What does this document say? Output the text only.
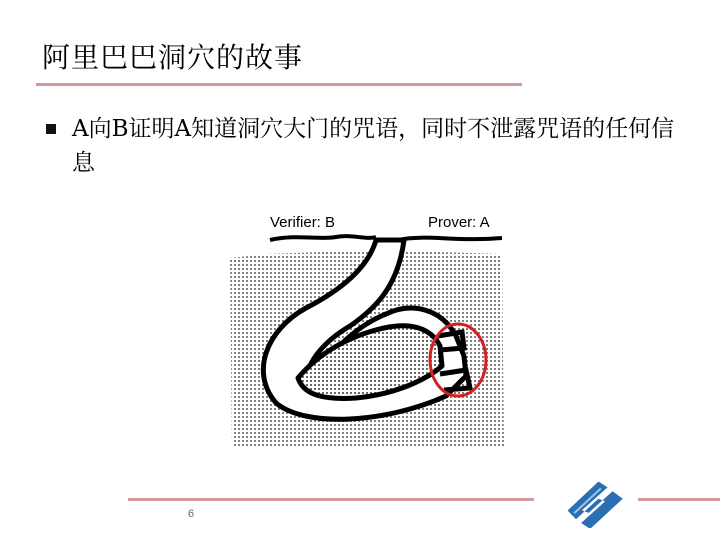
阿里巴巴洞穴的故事
A向B证明A知道洞穴大门的咒语，同时不泄露咒语的任何信息
Verifier: B	Prover: A
6
